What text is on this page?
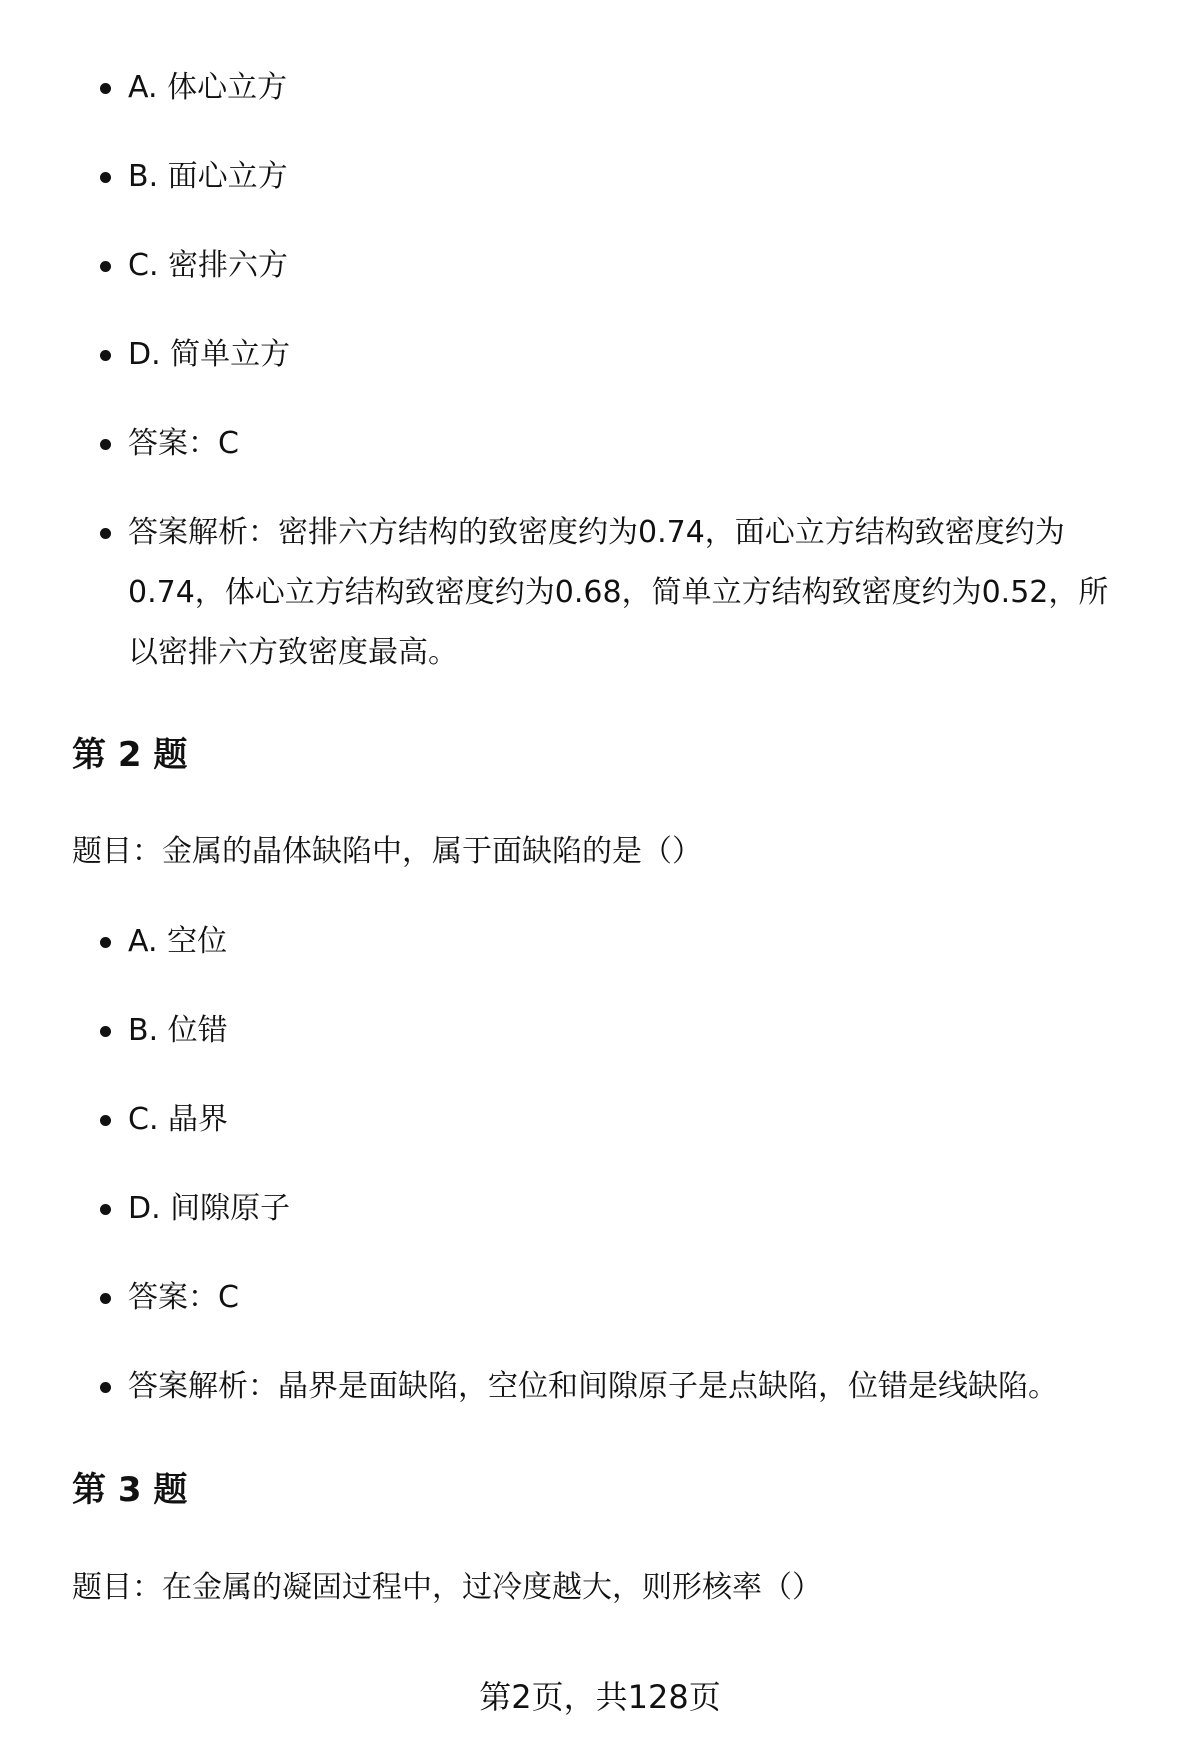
A. 体心立方
B. 面心立方
C. 密排六方
D. 简单立方
答案：C
答案解析：密排六方结构的致密度约为0.74，面心立方结构致密度约为0.74，体心立方结构致密度约为0.68，简单立方结构致密度约为0.52，所以密排六方致密度最高。
第 2 题
题目：金属的晶体缺陷中，属于面缺陷的是（）
A. 空位
B. 位错
C. 晶界
D. 间隙原子
答案：C
答案解析：晶界是面缺陷，空位和间隙原子是点缺陷，位错是线缺陷。
第 3 题
题目：在金属的凝固过程中，过冷度越大，则形核率（）
第2页，共128页
